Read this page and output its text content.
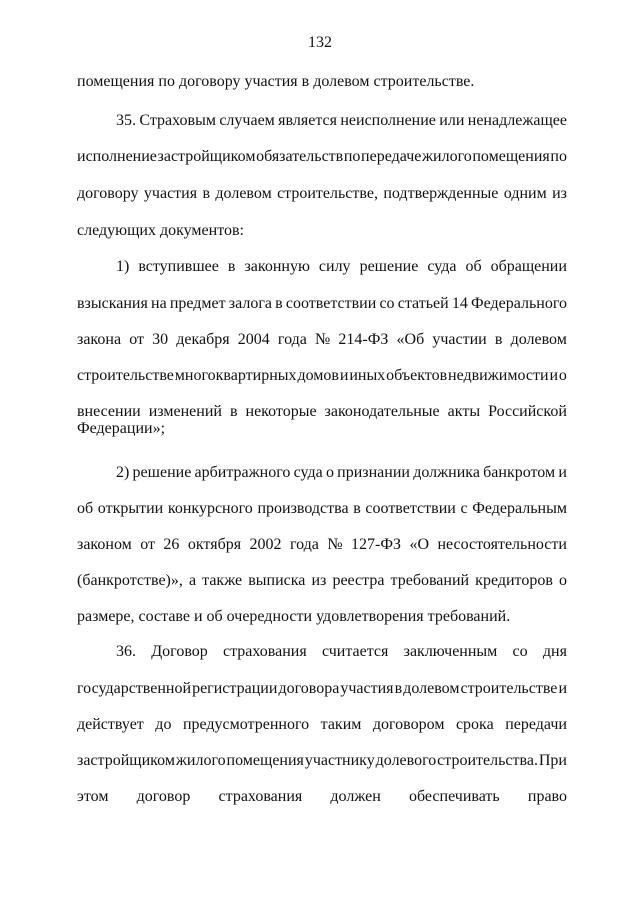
132
помещения по договору участия в долевом строительстве.
35. Страховым случаем является неисполнение или ненадлежащее
исполнение застройщиком обязательств по передаче жилого помещения по
договору участия в долевом строительстве, подтвержденные одним из
следующих документов:
1) вступившее в законную силу решение суда об обращении
взыскания на предмет залога в соответствии со статьей 14 Федерального
закона от 30 декабря 2004 года № 214-ФЗ «Об участии в долевом
строительстве многоквартирных домов и иных объектов недвижимости и о
внесении изменений в некоторые законодательные акты Российской
Федерации»;
2) решение арбитражного суда о признании должника банкротом и
об открытии конкурсного производства в соответствии с Федеральным
законом от 26 октября 2002 года № 127-ФЗ «О несостоятельности
(банкротстве)», а также выписка из реестра требований кредиторов о
размере, составе и об очередности удовлетворения требований.
36. Договор страхования считается заключенным со дня
государственной регистрации договора участия в долевом строительстве и
действует до предусмотренного таким договором срока передачи
застройщиком жилого помещения участнику долевого строительства. При
этом договор страхования должен обеспечивать право
